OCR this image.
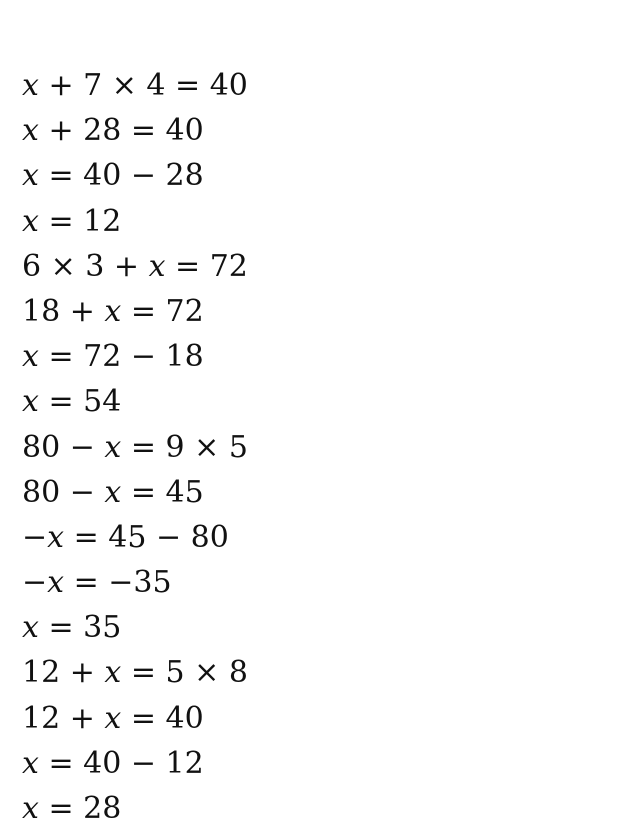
x + 7 × 4 = 40
x + 28 = 40
x = 40 − 28
x = 12
6 × 3 + x = 72
18 + x = 72
x = 72 − 18
x = 54
80 − x = 9 × 5
80 − x = 45
−x = 45 − 80
−x = −35
x = 35
12 + x = 5 × 8
12 + x = 40
x = 40 − 12
x = 28
